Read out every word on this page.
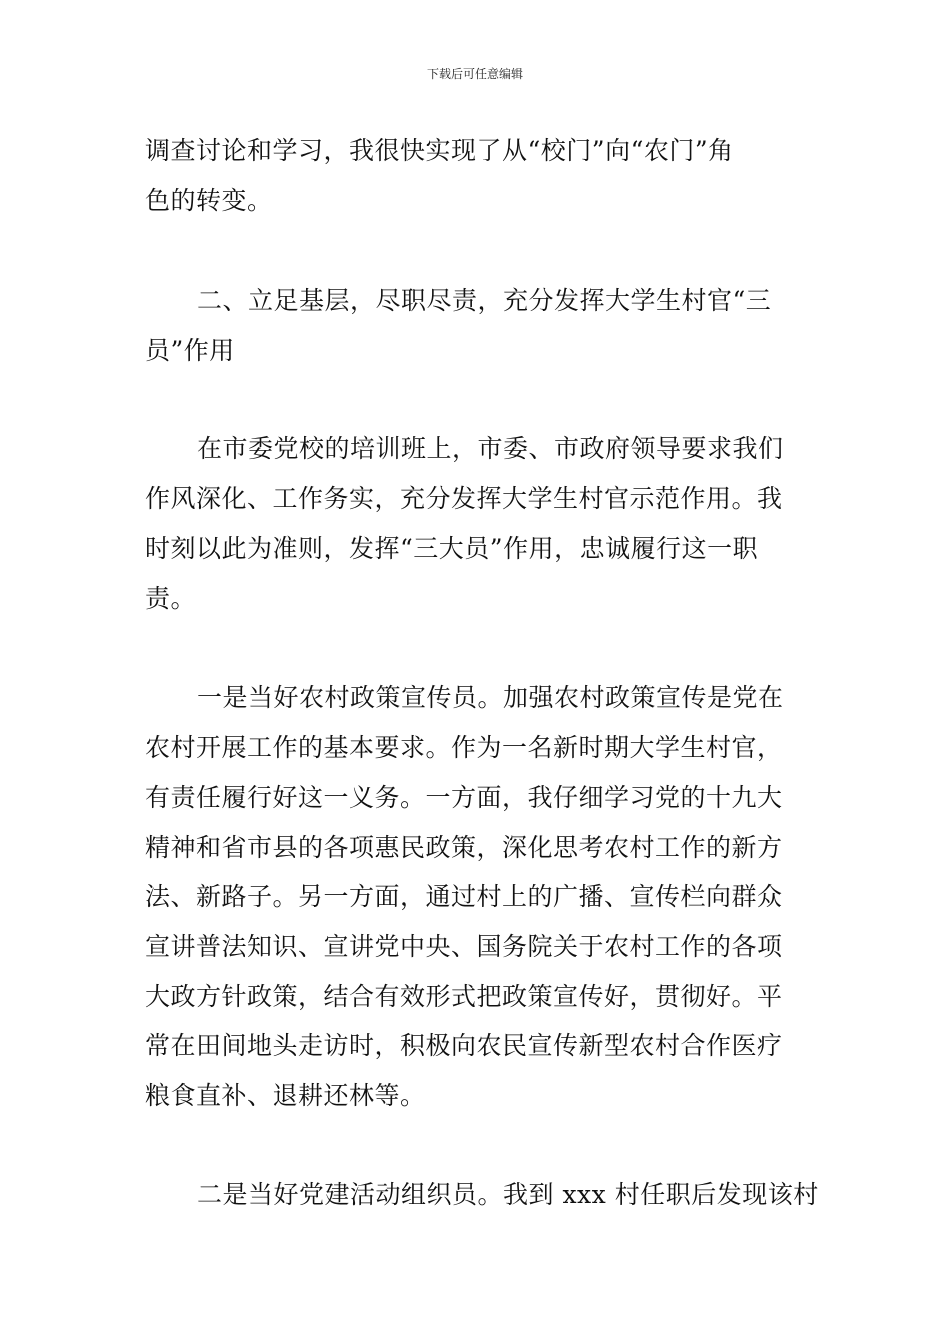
下载后可任意编辑
调查讨论和学习，我很快实现了从“校门”向“农门”角
色的转变。
二、立足基层，尽职尽责，充分发挥大学生村官“三
员”作用
在市委党校的培训班上，市委、市政府领导要求我们
作风深化、工作务实，充分发挥大学生村官示范作用。我
时刻以此为准则，发挥“三大员”作用，忠诚履行这一职
责。
一是当好农村政策宣传员。加强农村政策宣传是党在
农村开展工作的基本要求。作为一名新时期大学生村官，
有责任履行好这一义务。一方面，我仔细学习党的十九大
精神和省市县的各项惠民政策，深化思考农村工作的新方
法、新路子。另一方面，通过村上的广播、宣传栏向群众
宣讲普法知识、宣讲党中央、国务院关于农村工作的各项
大政方针政策，结合有效形式把政策宣传好，贯彻好。平
常在田间地头走访时，积极向农民宣传新型农村合作医疗
粮食直补、退耕还林等。
二是当好党建活动组织员。我到 xxx 村任职后发现该村
